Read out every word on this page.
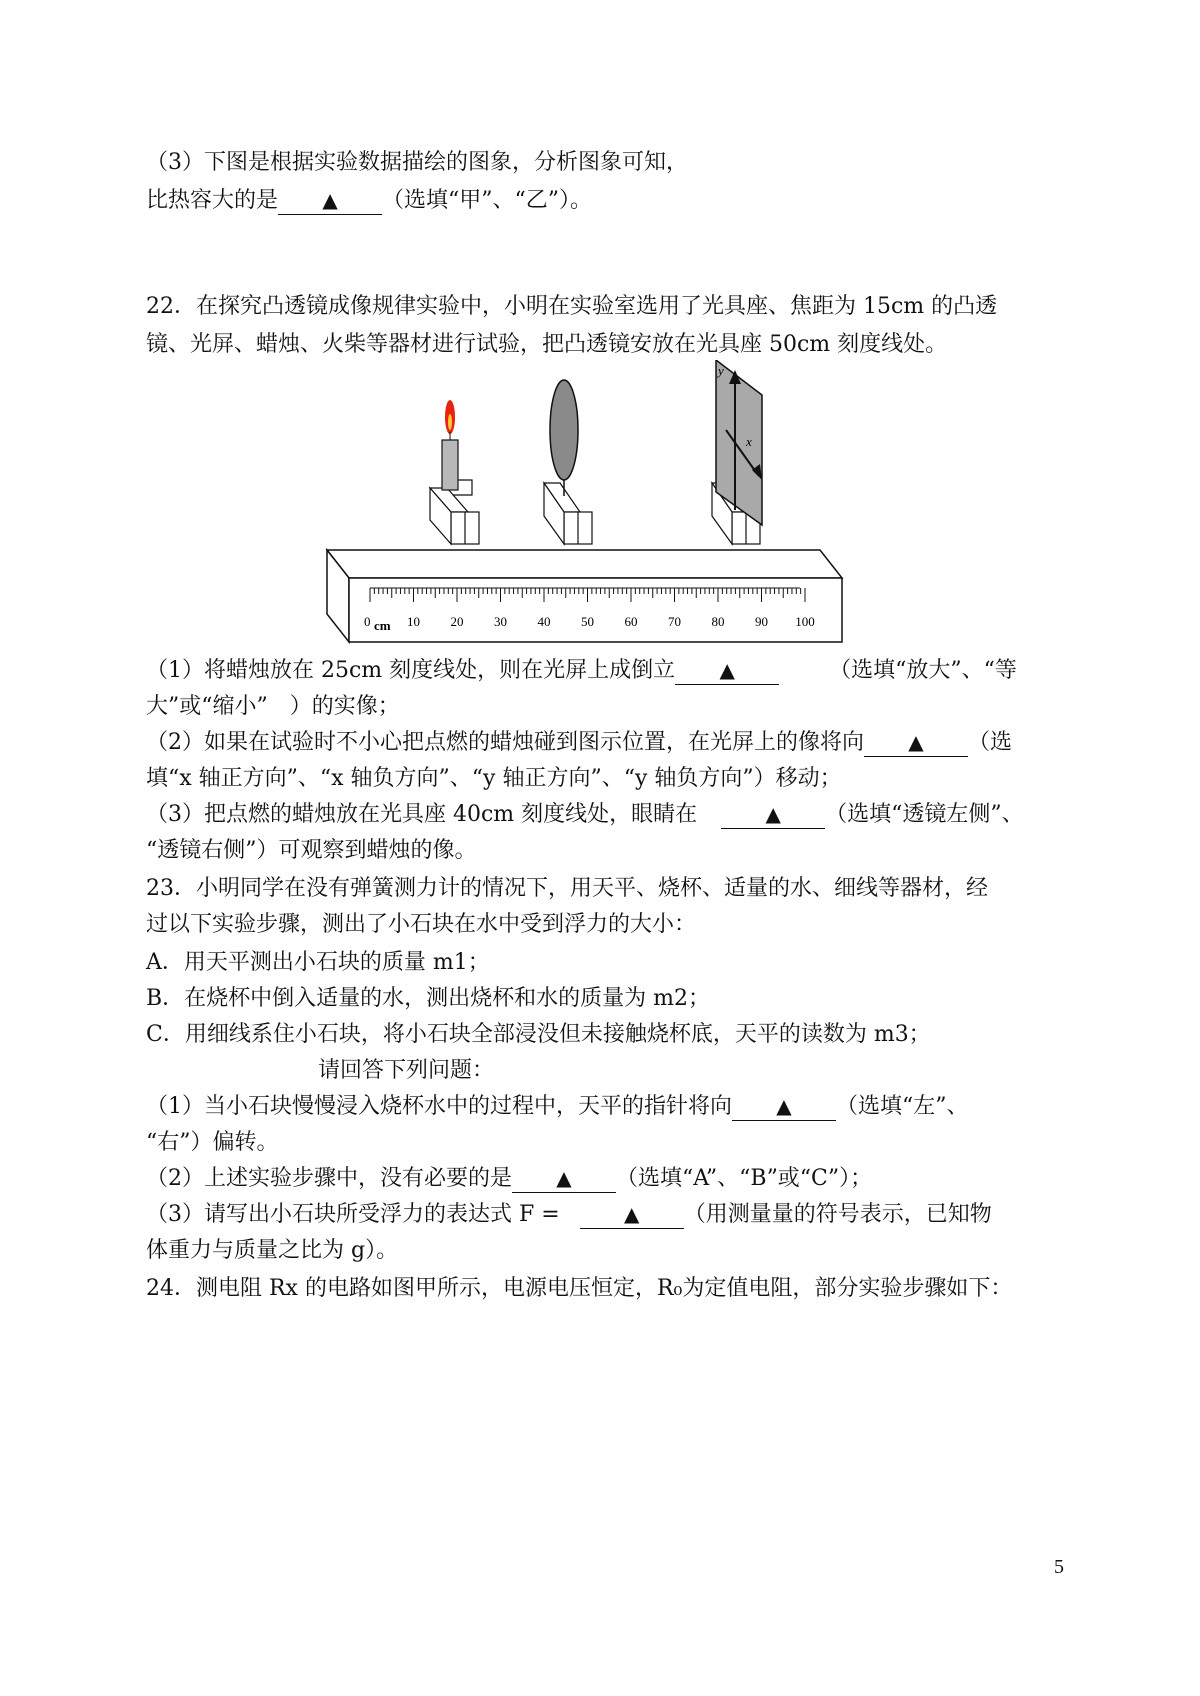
（3）下图是根据实验数据描绘的图象，分析图象可知，
比热容大的是 ▲ （选填“甲”、“乙”）。
22．在探究凸透镜成像规律实验中，小明在实验室选用了光具座、焦距为 15cm 的凸透
镜、光屏、蜡烛、火柴等器材进行试验，把凸透镜安放在光具座 50cm 刻度线处。
0 cm 10 20 30 40 50 60 70 80 90 100
y
x
（1）将蜡烛放在 25cm 刻度线处，则在光屏上成倒立 ▲	（选填“放大”、“等
大”或“缩小”　）的实像；
（2）如果在试验时不小心把点燃的蜡烛碰到图示位置，在光屏上的像将向 ▲ （选
填“x 轴正方向”、“x 轴负方向”、“y 轴正方向”、“y 轴负方向”）移动；
（3）把点燃的蜡烛放在光具座 40cm 刻度线处，眼睛在	▲ （选填“透镜左侧”、
“透镜右侧”）可观察到蜡烛的像。
23．小明同学在没有弹簧测力计的情况下，用天平、烧杯、适量的水、细线等器材，经
过以下实验步骤，测出了小石块在水中受到浮力的大小：
A．用天平测出小石块的质量 m1；
B．在烧杯中倒入适量的水，测出烧杯和水的质量为 m2；
C．用细线系住小石块，将小石块全部浸没但未接触烧杯底，天平的读数为 m3；
请回答下列问题：
（1）当小石块慢慢浸入烧杯水中的过程中，天平的指针将向 ▲ （选填“左”、
“右”）偏转。
（2）上述实验步骤中，没有必要的是 ▲ （选填“A”、“B”或“C”）；
（3）请写出小石块所受浮力的表达式 F =	▲ （用测量量的符号表示，已知物
体重力与质量之比为 g）。
24．测电阻 Rx 的电路如图甲所示，电源电压恒定，R₀为定值电阻，部分实验步骤如下：
5
